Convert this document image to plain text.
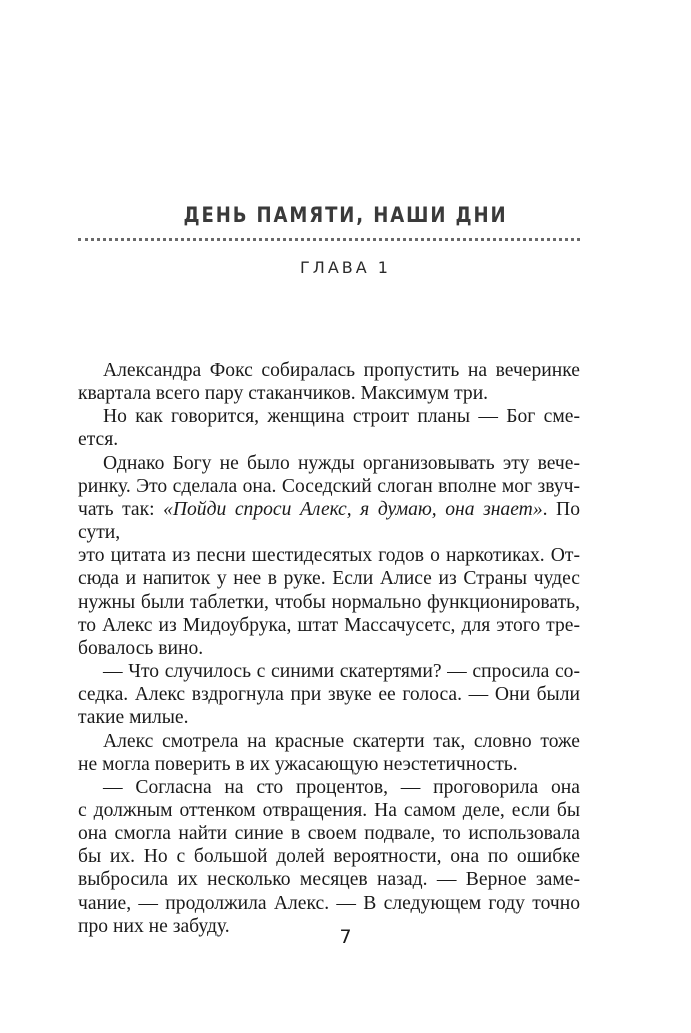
ДЕНЬ ПАМЯТИ, НАШИ ДНИ
ГЛАВА 1
Александра Фокс собиралась пропустить на вечеринке
квартала всего пару стаканчиков. Максимум три.
Но как говорится, женщина строит планы — Бог сме-
ется.
Однако Богу не было нужды организовывать эту вече-
ринку. Это сделала она. Соседский слоган вполне мог звуч-
чать так: «Пойди спроси Алекс, я думаю, она знает». По сути,
это цитата из песни шестидесятых годов о наркотиках. От-
сюда и напиток у нее в руке. Если Алисе из Страны чудес
нужны были таблетки, чтобы нормально функционировать,
то Алекс из Мидоубрука, штат Массачусетс, для этого тре-
бовалось вино.
— Что случилось с синими скатертями? — спросила со-
седка. Алекс вздрогнула при звуке ее голоса. — Они были
такие милые.
Алекс смотрела на красные скатерти так, словно тоже
не могла поверить в их ужасающую неэстетичность.
— Согласна на сто процентов, — проговорила она
с должным оттенком отвращения. На самом деле, если бы
она смогла найти синие в своем подвале, то использовала
бы их. Но с большой долей вероятности, она по ошибке
выбросила их несколько месяцев назад. — Верное заме-
чание, — продолжила Алекс. — В следующем году точно
про них не забуду.	7
